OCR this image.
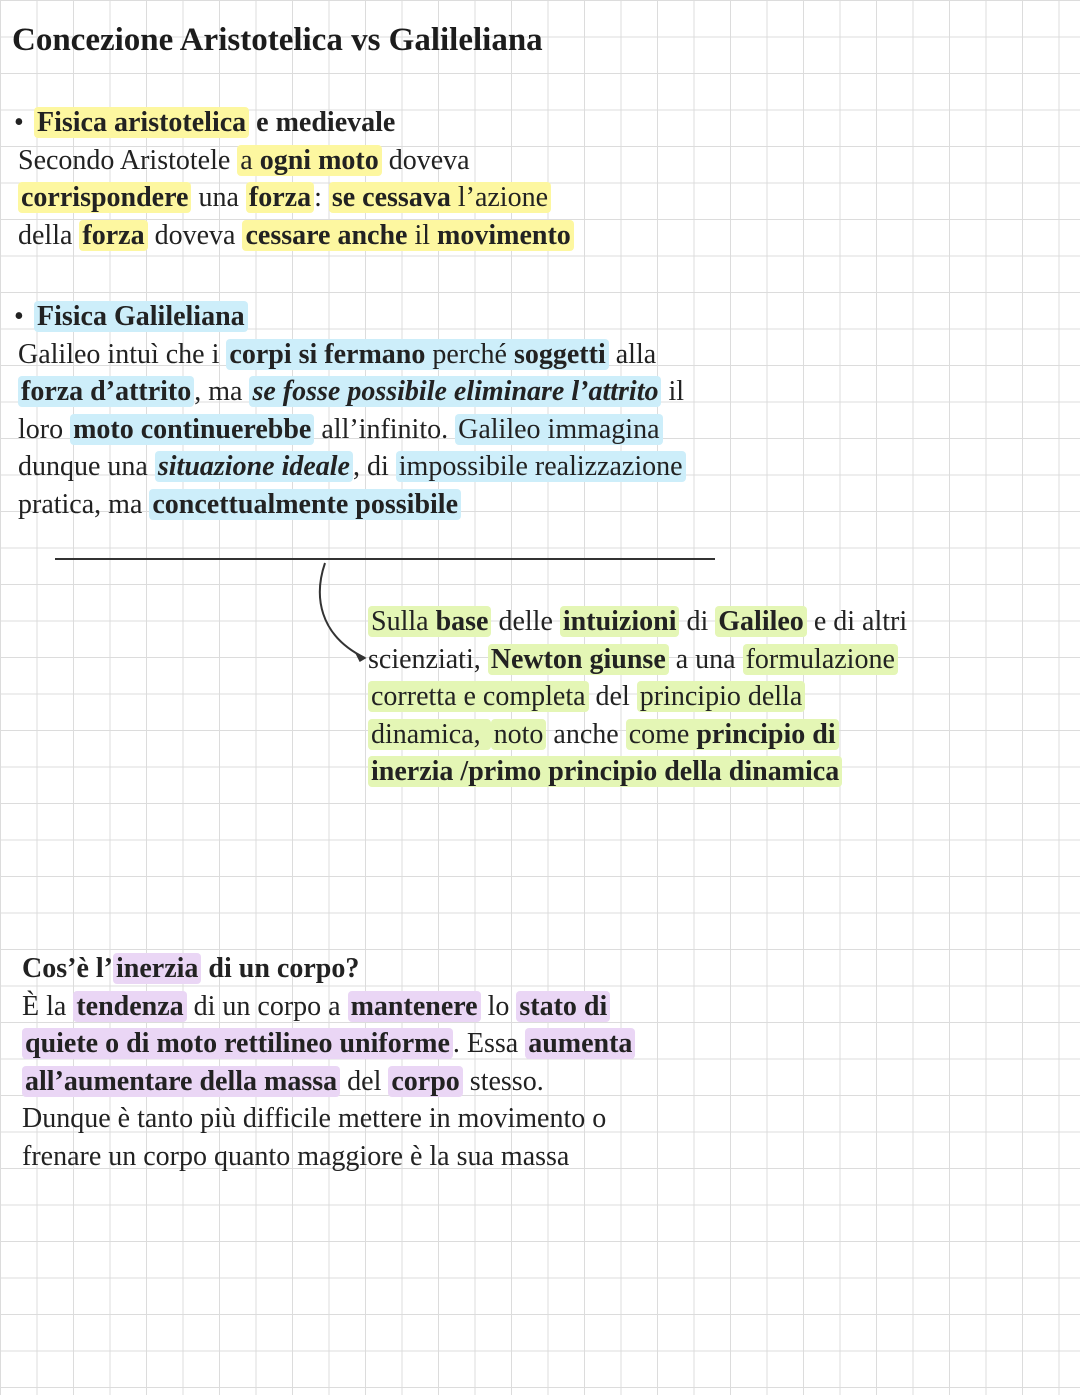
Concezione Aristotelica vs Galileliana
• Fisica aristotelica e medievale
Secondo Aristotele a ogni moto doveva
corrispondere una forza : se cessava l’azione
della forza doveva cessare anche il movimento
• Fisica Galileliana
Galileo intuì che i corpi si fermano perché soggetti alla
forza d’attrito , ma se fosse possibile eliminare l’attrito il
loro moto continuerebbe all’infinito. Galileo immagina
dunque una situazione ideale , di impossibile realizzazione
pratica, ma concettualmente possibile
Sulla base delle intuizioni di Galileo e di altri
scienziati, Newton giunse a una formulazione
corretta e completa del principio della
dinamica, noto anche come principio di
inerzia /primo principio della dinamica
Cos’è l’ inerzia di un corpo?
È la tendenza di un corpo a mantenere lo stato di
quiete o di moto rettilineo uniforme . Essa aumenta
all’aumentare della massa del corpo stesso.
Dunque è tanto più difficile mettere in movimento o
frenare un corpo quanto maggiore è la sua massa
